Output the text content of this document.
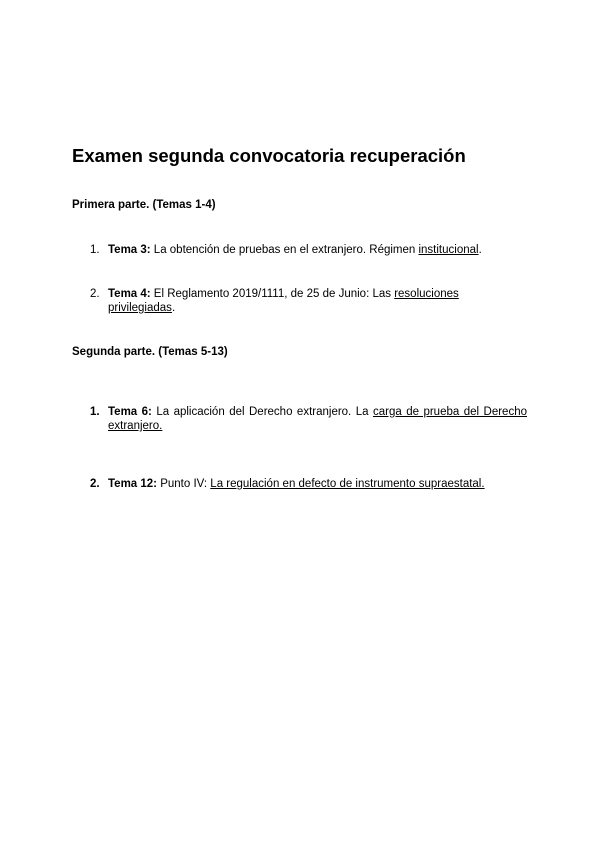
Examen segunda convocatoria recuperación
Primera parte. (Temas 1-4)
1. Tema 3: La obtención de pruebas en el extranjero. Régimen institucional.
2. Tema 4: El Reglamento 2019/1111, de 25 de Junio: Las resoluciones privilegiadas.
Segunda parte. (Temas 5-13)
1. Tema 6: La aplicación del Derecho extranjero. La carga de prueba del Derecho extranjero.
2. Tema 12: Punto IV: La regulación en defecto de instrumento supraestatal.
